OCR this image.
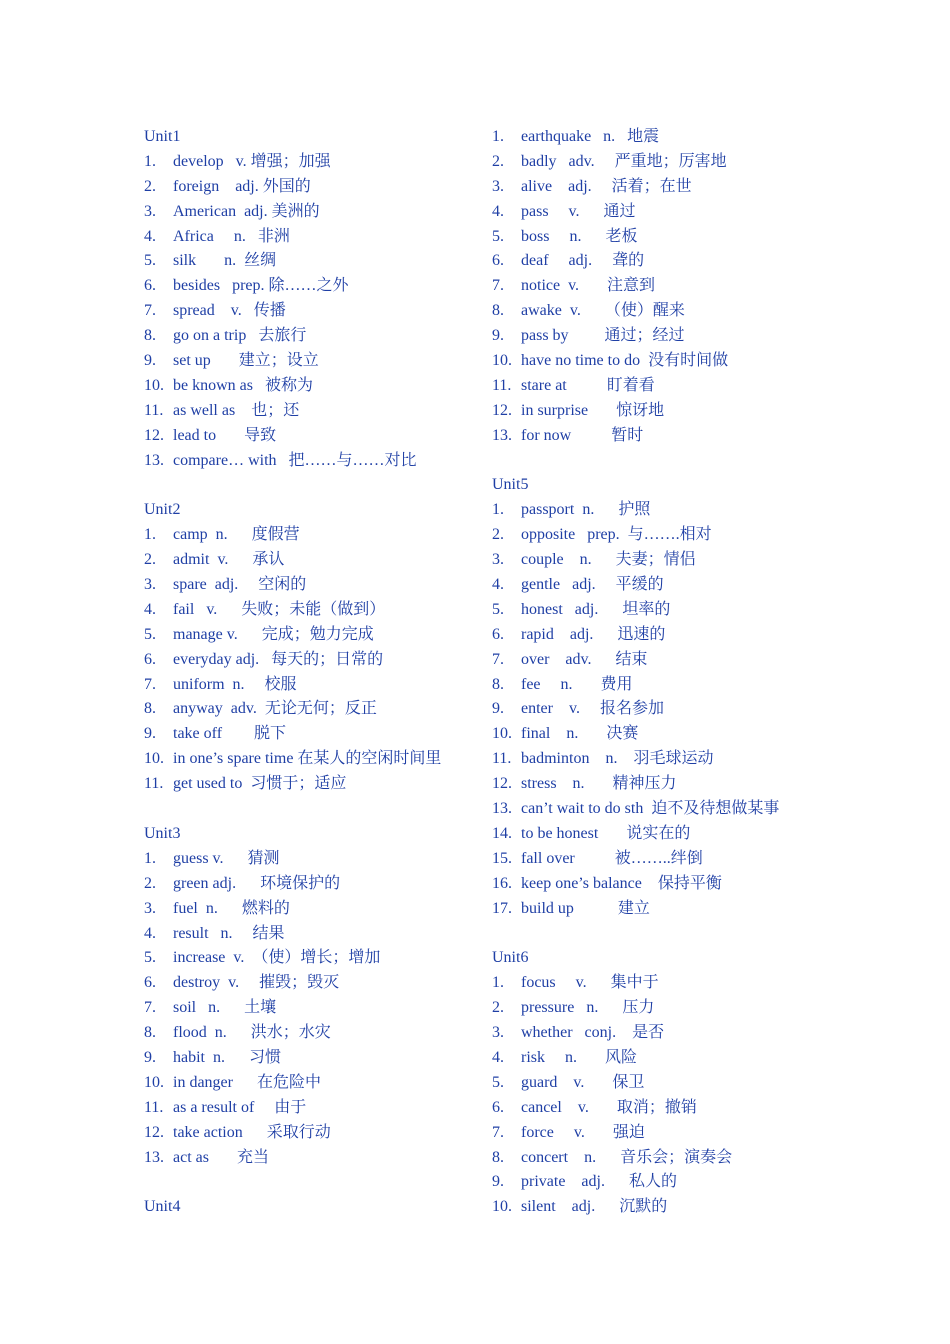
Unit1
1. develop   v. 增强；加强
2. foreign    adj. 外国的
3. American  adj. 美洲的
4. Africa     n.   非洲
5. silk       n.  丝绸
6. besides   prep. 除……之外
7. spread    v.   传播
8. go on a trip   去旅行
9. set up       建立；设立
10. be known as   被称为
11. as well as    也；还
12. lead to       导致
13. compare… with   把……与……对比
Unit2
1. camp  n.      度假营
2. admit  v.      承认
3. spare  adj.     空闲的
4. fail   v.      失败；未能（做到）
5. manage v.      完成；勉力完成
6. everyday adj.   每天的；日常的
7. uniform  n.     校服
8. anyway  adv.  无论无何；反正
9. take off        脱下
10. in one’s spare time 在某人的空闲时间里
11. get used to  习惯于；适应
Unit3
1. guess v.      猜测
2. green adj.      环境保护的
3. fuel  n.      燃料的
4. result   n.     结果
5. increase  v.  （使）增长；增加
6. destroy  v.     摧毁；毁灭
7. soil   n.      土壤
8. flood  n.      洪水；水灾
9. habit  n.      习惯
10. in danger      在危险中
11. as a result of     由于
12. take action      采取行动
13. act as       充当
Unit4
1. earthquake   n.   地震
2. badly   adv.     严重地；厉害地
3. alive    adj.     活着；在世
4. pass     v.      通过
5. boss     n.      老板
6. deaf     adj.     聋的
7. notice  v.       注意到
8. awake  v.      （使）醒来
9. pass by         通过；经过
10. have no time to do  没有时间做
11. stare at          盯着看
12. in surprise       惊讶地
13. for now          暂时
Unit5
1. passport  n.      护照
2. opposite   prep.  与…….相对
3. couple    n.      夫妻；情侣
4. gentle   adj.     平缓的
5. honest   adj.      坦率的
6. rapid    adj.      迅速的
7. over    adv.      结束
8. fee     n.       费用
9. enter    v.     报名参加
10. final    n.       决赛
11. badminton    n.    羽毛球运动
12. stress    n.       精神压力
13. can’t wait to do sth  迫不及待想做某事
14. to be honest       说实在的
15. fall over          被……..绊倒
16. keep one’s balance    保持平衡
17. build up           建立
Unit6
1. focus     v.      集中于
2. pressure   n.      压力
3. whether   conj.    是否
4. risk     n.       风险
5. guard    v.       保卫
6. cancel    v.       取消；撤销
7. force     v.       强迫
8. concert    n.      音乐会；演奏会
9. private    adj.      私人的
10. silent    adj.      沉默的
